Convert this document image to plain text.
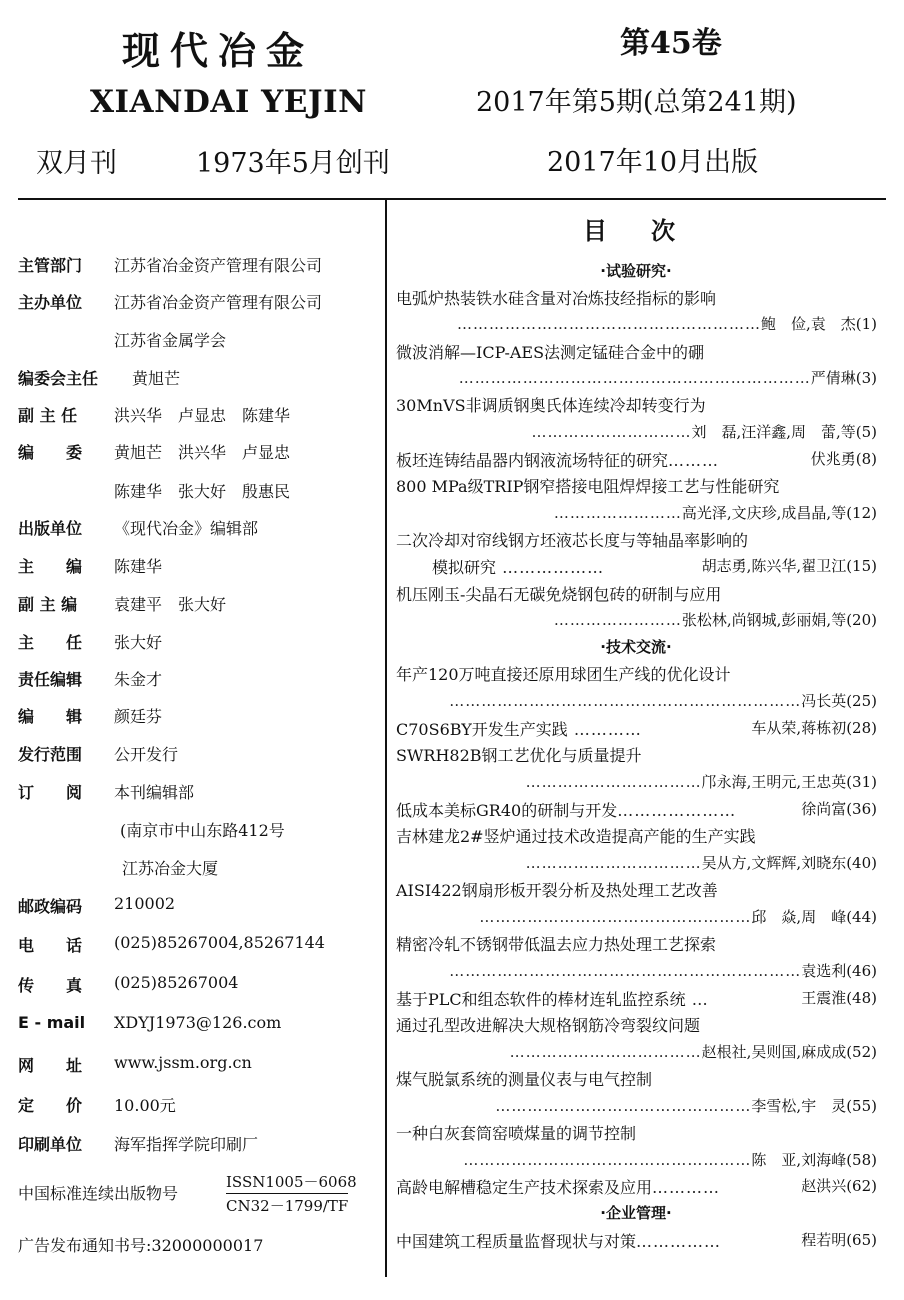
现代冶金
XIANDAI YEJIN
双月刊	1973年5月创刊
第45卷
2017年第5期(总第241期)
2017年10月出版
主管部门 江苏省冶金资产管理有限公司
主办单位 江苏省冶金资产管理有限公司
江苏省金属学会
编委会主任 黄旭芒
副 主 任 洪兴华　卢显忠　陈建华
编　　委 黄旭芒　洪兴华　卢显忠
陈建华　张大好　殷惠民
出版单位 《现代冶金》编辑部
主　　编 陈建华
副 主 编 袁建平　张大好
主　　任 张大好
责任编辑 朱金才
编　　辑 颜廷芬
发行范围 公开发行
订　　阅 本刊编辑部
(南京市中山东路412号
江苏冶金大厦
邮政编码 210002
电　　话 (025)85267004,85267144
传　　真 (025)85267004
E - mail XDYJ1973@126.com
网　　址 www.jssm.org.cn
定　　价 10.00元
印刷单位 海军指挥学院印刷厂
中国标准连续出版物号
ISSN1005－6068
CN32－1799/TF
广告发布通知书号:32000000017
目次
·试验研究·
电弧炉热装铁水硅含量对冶炼技经指标的影响
…………………………………………………鲍　俭,袁　杰(1)
微波消解—ICP-AES法测定锰硅合金中的硼
…………………………………………………………严倩琳(3)
30MnVS非调质钢奥氏体连续冷却转变行为
…………………………刘　磊,汪洋鑫,周　蕾,等(5)
板坯连铸结晶器内钢液流场特征的研究………	伏兆勇(8)
800 MPa级TRIP钢窄搭接电阻焊焊接工艺与性能研究
……………………高光泽,文庆珍,成昌晶,等(12)
二次冷却对帘线钢方坯液芯长度与等轴晶率影响的
模拟研究 ………………	胡志勇,陈兴华,翟卫江(15)
机压刚玉-尖晶石无碳免烧钢包砖的研制与应用
……………………张松林,尚钢城,彭丽娟,等(20)
·技术交流·
年产120万吨直接还原用球团生产线的优化设计
…………………………………………………………冯长英(25)
C70S6BY开发生产实践 …………	车从荣,蒋栋初(28)
SWRH82B钢工艺优化与质量提升
……………………………邝永海,王明元,王忠英(31)
低成本美标GR40的研制与开发…………………	徐尚富(36)
吉林建龙2#竖炉通过技术改造提高产能的生产实践
……………………………吴从方,文辉辉,刘晓东(40)
AISI422钢扇形板开裂分析及热处理工艺改善
……………………………………………邱　焱,周　峰(44)
精密冷轧不锈钢带低温去应力热处理工艺探索
…………………………………………………………袁选利(46)
基于PLC和组态软件的棒材连轧监控系统 …	王震淮(48)
通过孔型改进解决大规格钢筋冷弯裂纹问题
………………………………赵根社,吴则国,麻成成(52)
煤气脱氯系统的测量仪表与电气控制
…………………………………………李雪松,宇　灵(55)
一种白灰套筒窑喷煤量的调节控制
………………………………………………陈　亚,刘海峰(58)
高龄电解槽稳定生产技术探索及应用…………	赵洪兴(62)
·企业管理·
中国建筑工程质量监督现状与对策……………	程若明(65)
